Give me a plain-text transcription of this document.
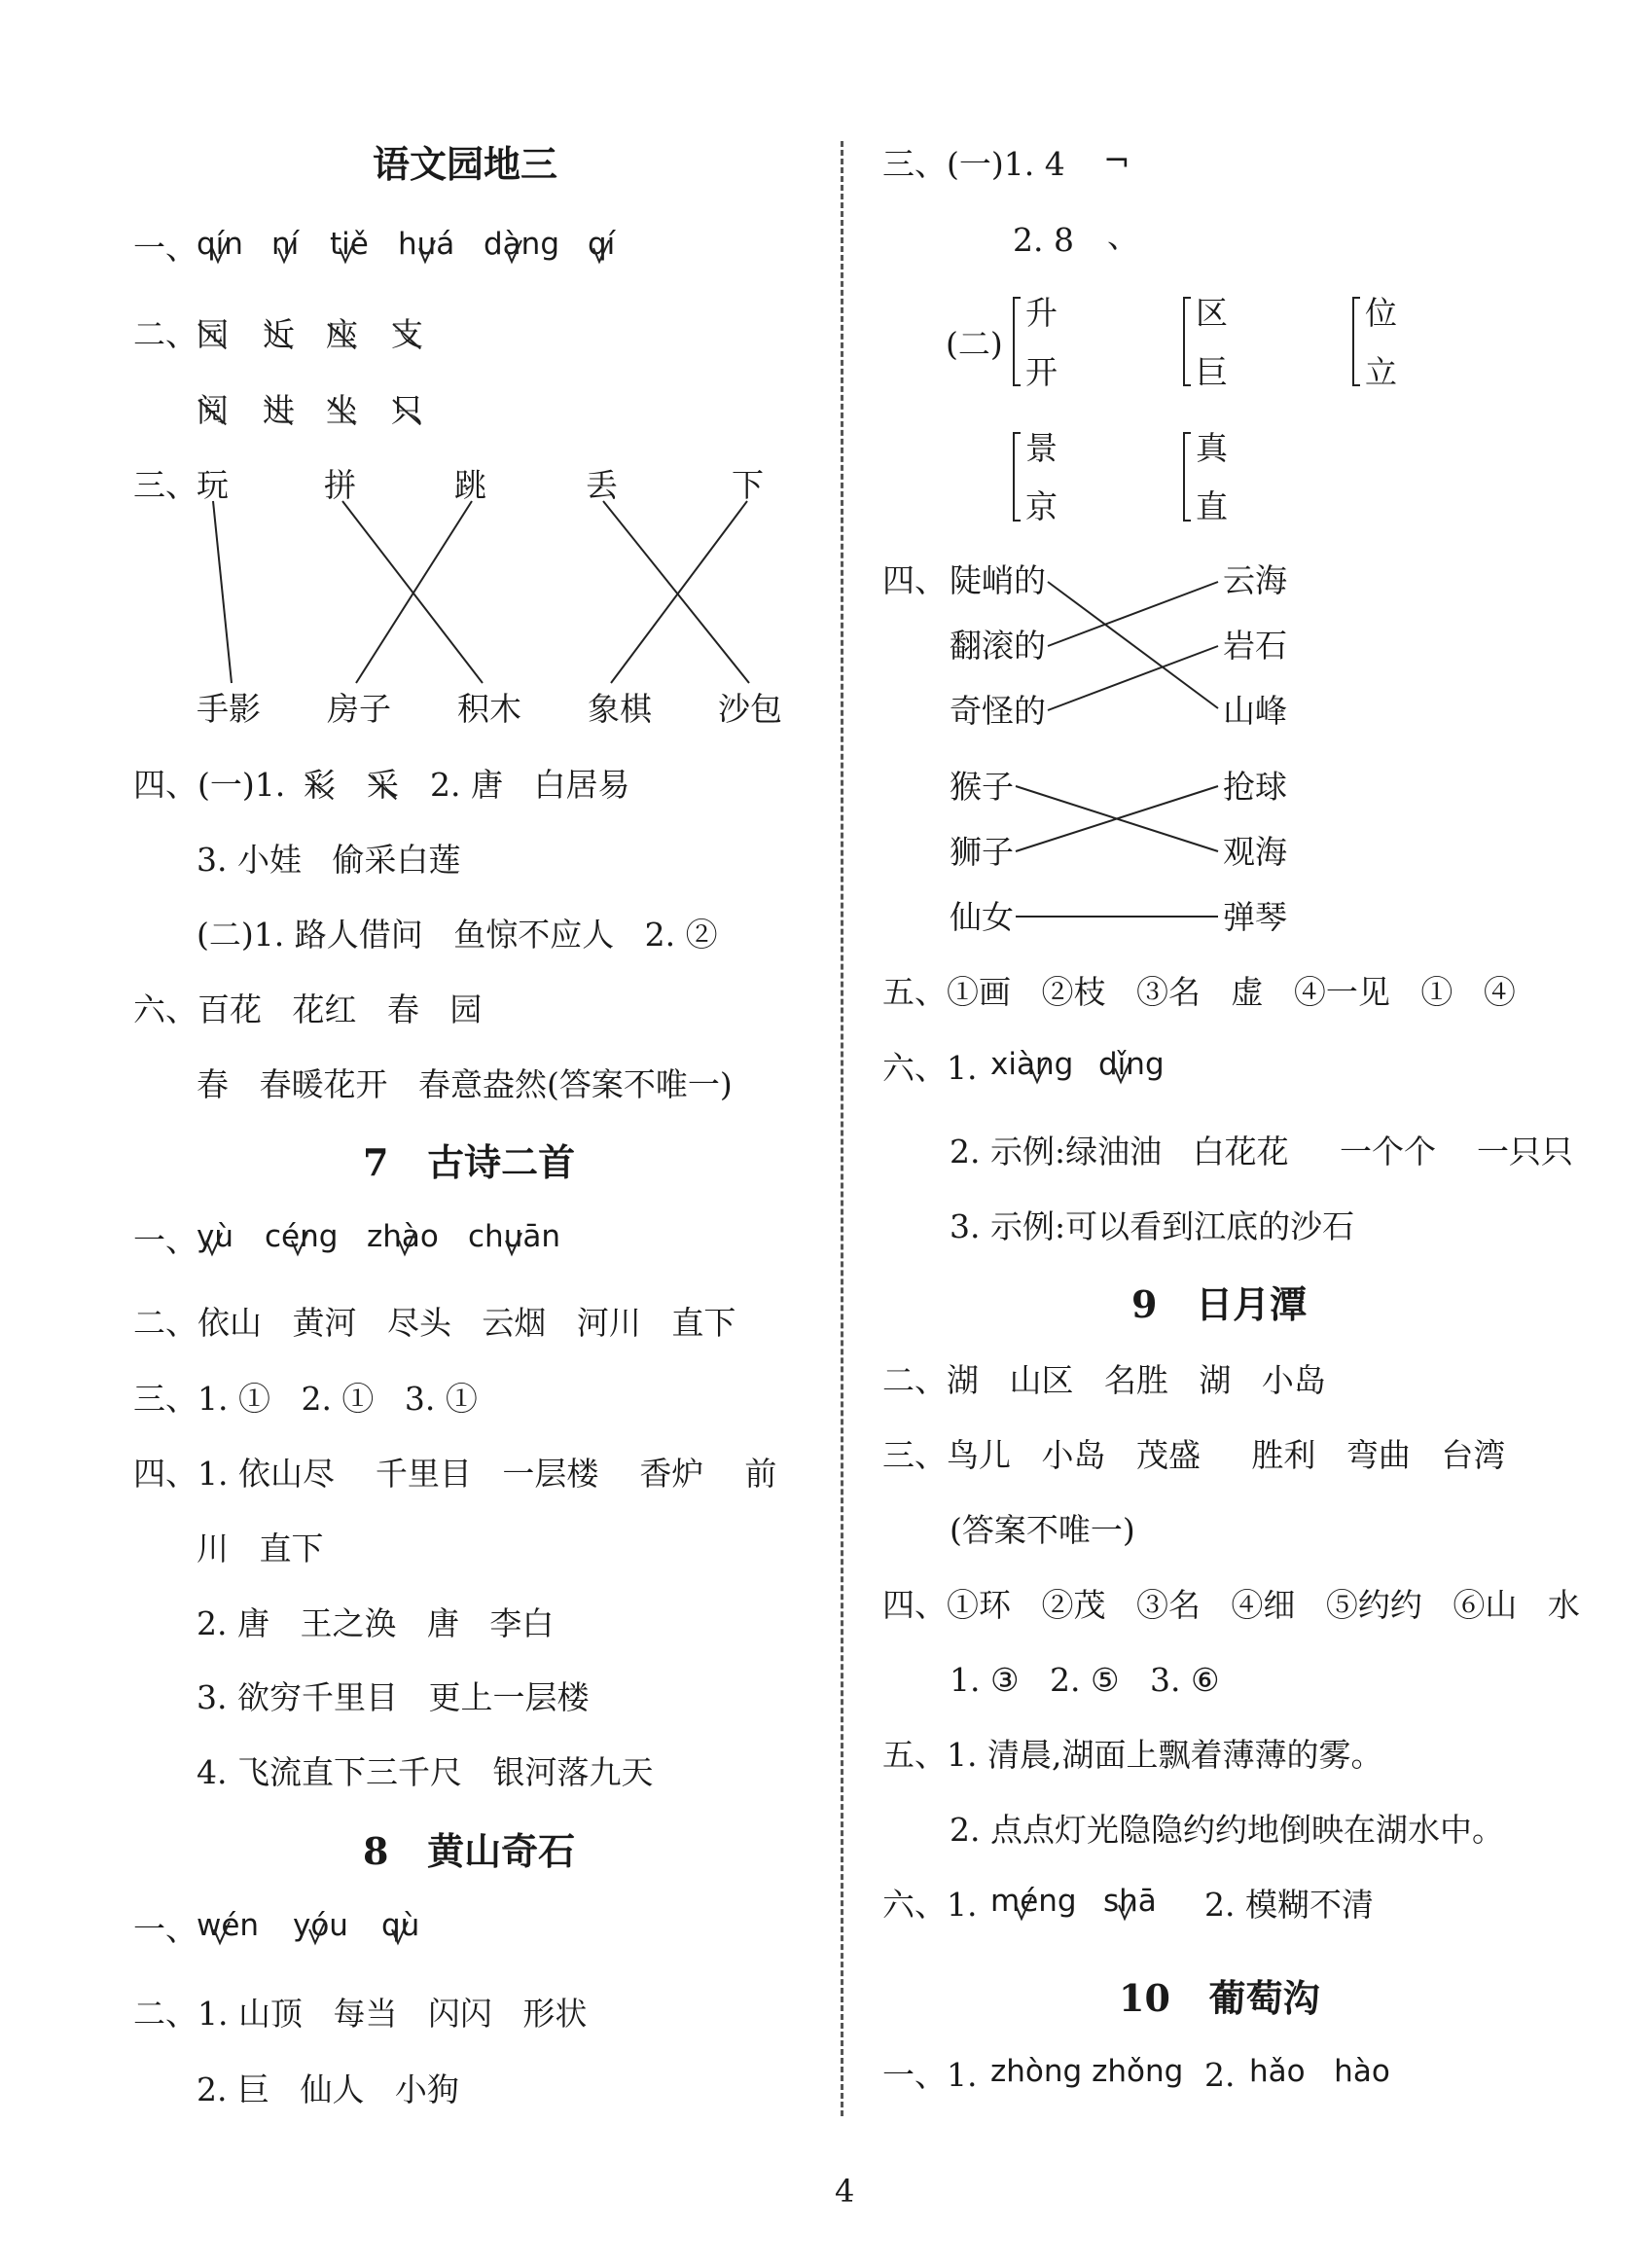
语文园地三
一、 qín ní tiě huá dàng qí
二、 园 近 座 支
阅 进 坐 只
三、 玩	拼	跳	丢	下
手影 房子 积木 象棋 沙包
四、(一)1. 彩 采 2. 唐   白居易
3. 小娃   偷采白莲
(二)1. 路人借问   鱼惊不应人   2. ②
六、百花   花红   春   园
春   春暖花开   春意盎然(答案不唯一)
7   古诗二首
一、 yù céng zhào chuān
二、依山   黄河   尽头   云烟   河川   直下
三、1. ①   2. ①   3. ①
四、1. 依山尽    千里目   一层楼    香炉    前
川   直下
2. 唐   王之涣   唐   李白
3. 欲穷千里目   更上一层楼
4. 飞流直下三千尺   银河落九天
8   黄山奇石
一、 wén yóu qù
二、1. 山顶   每当   闪闪   形状
2. 巨   仙人   小狗
三、(一)1. 4 ¬
2. 8 、
(二)
升
开
区
巨
位
立
景
京
真
直
四、 陡峭的
翻滚的
奇怪的
云海
岩石
山峰
猴子
狮子
仙女
抢球
观海
弹琴
五、①画   ②枝   ③名   虚   ④一见   ①   ④
六、1. xiàng dǐng
2. 示例:绿油油   白花花     一个个    一只只
3. 示例:可以看到江底的沙石
9   日月潭
二、湖   山区   名胜   湖   小岛
三、鸟儿   小岛   茂盛     胜利   弯曲   台湾
(答案不唯一)
四、①环   ②茂   ③名   ④细   ⑤约约   ⑥山   水
1. ③   2. ⑤   3. ⑥
五、1. 清晨,湖面上飘着薄薄的雾。
2. 点点灯光隐隐约约地倒映在湖水中。
六、1. méng shā 2. 模糊不清
10   葡萄沟
一、1. zhòng zhǒng 2. hǎo   hào
4
